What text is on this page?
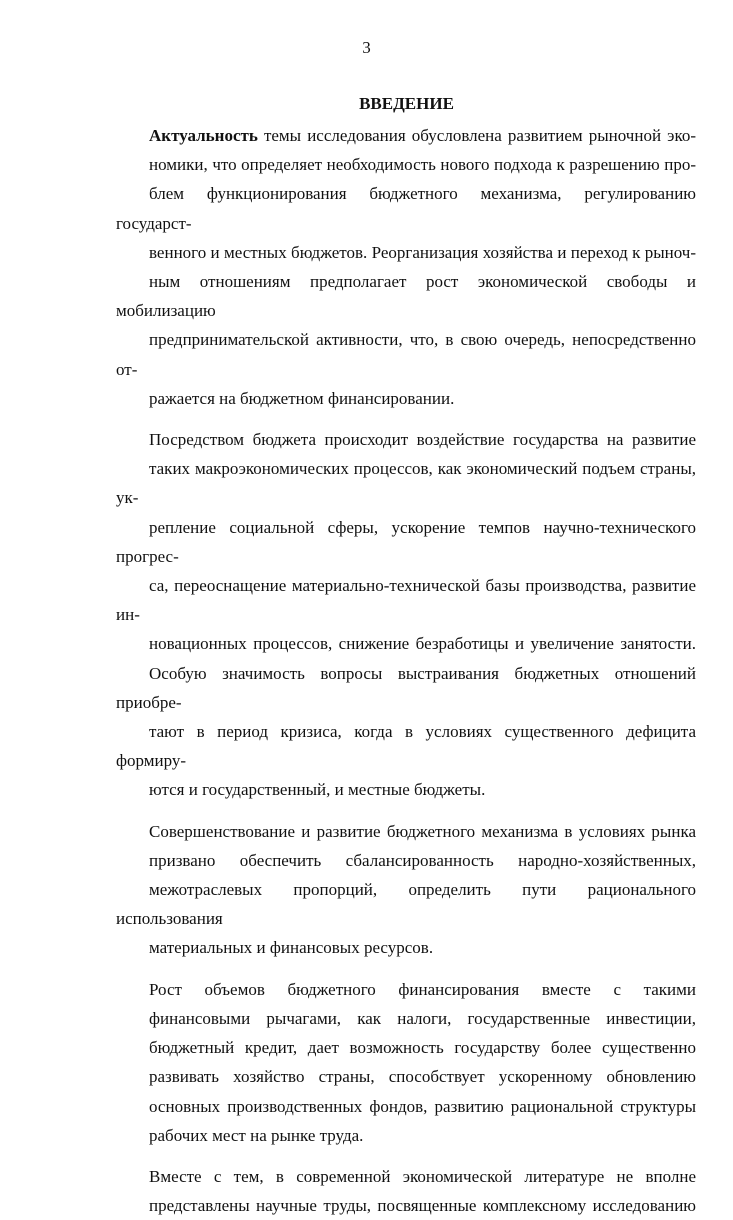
3
ВВЕДЕНИЕ

Актуальность темы исследования обусловлена развитием рыночной эко-
номики, что определяет необходимость нового подхода к разрешению про-
блем функционирования бюджетного механизма, регулированию государст-
венного и местных бюджетов. Реорганизация хозяйства и переход к рыноч-
ным отношениям предполагает рост экономической свободы и мобилизацию
предпринимательской активности, что, в свою очередь, непосредственно от-
ражается на бюджетном финансировании.

Посредством бюджета происходит воздействие государства на развитие
таких макроэкономических процессов, как экономический подъем страны, ук-
репление социальной сферы, ускорение темпов научно-технического прогрес-
са, переоснащение материально-технической базы производства, развитие ин-
новационных процессов, снижение безработицы и увеличение занятости.
Особую значимость вопросы выстраивания бюджетных отношений приобре-
тают в период кризиса, когда в условиях существенного дефицита формиру-
ются и государственный, и местные бюджеты.

Совершенствование и развитие бюджетного механизма в условиях рынка
призвано обеспечить сбалансированность народно-хозяйственных,
межотраслевых пропорций, определить пути рационального использования
материальных и финансовых ресурсов.

Рост объемов бюджетного финансирования вместе с такими
финансовыми рычагами, как налоги, государственные инвестиции,
бюджетный кредит, дает возможность государству более существенно
развивать хозяйство страны, способствует ускоренному обновлению
основных производственных фондов, развитию рациональной структуры
рабочих мест на рынке труда.

Вместе с тем, в современной экономической литературе не вполне
представлены научные труды, посвященные комплексному исследованию
